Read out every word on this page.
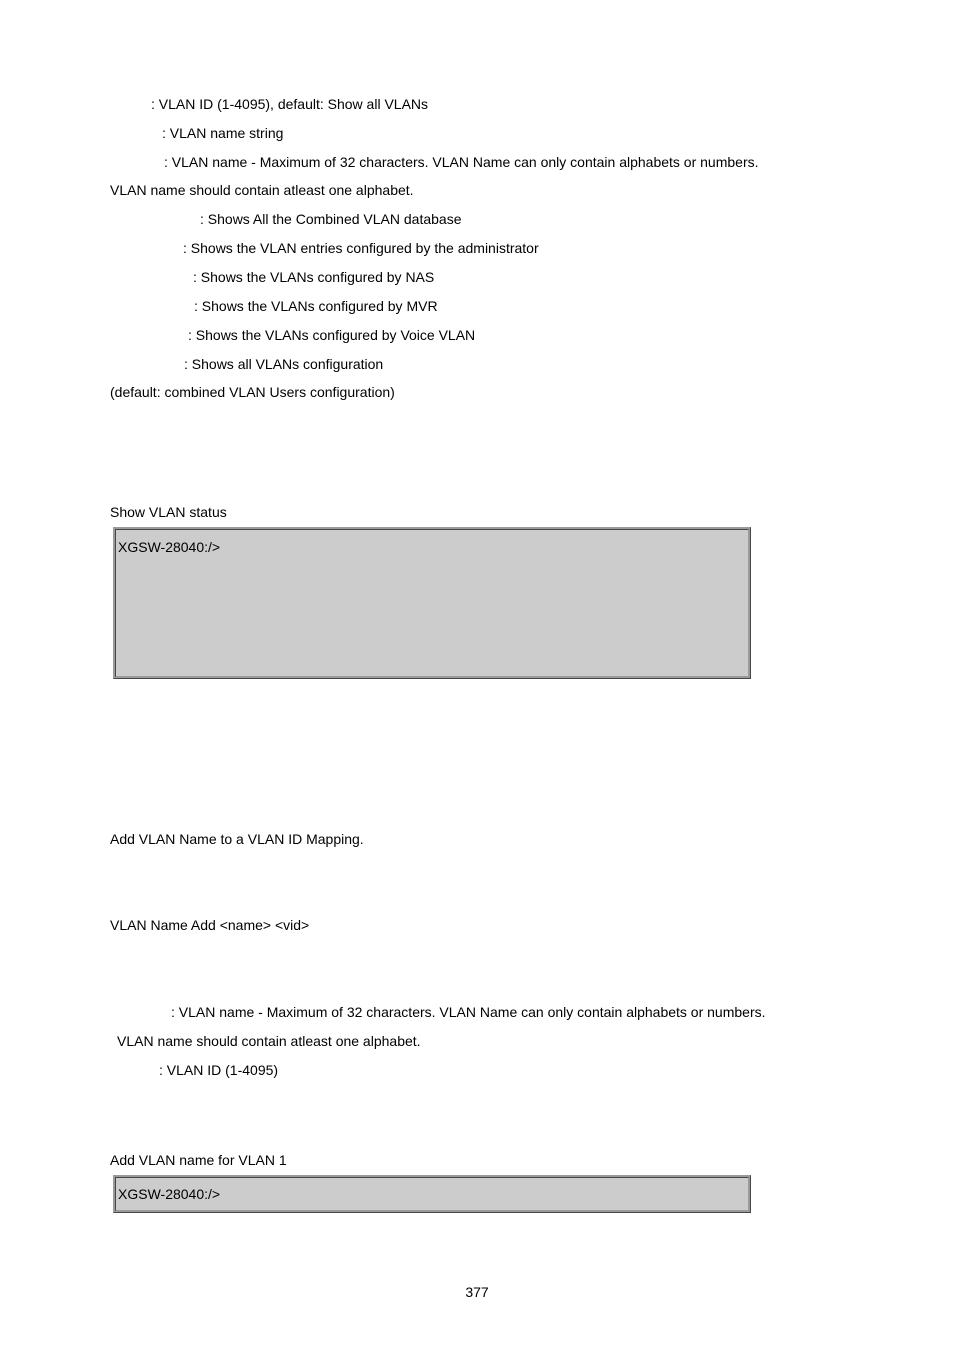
: VLAN ID (1-4095), default: Show all VLANs
: VLAN name string
: VLAN name - Maximum of 32 characters. VLAN Name can only contain alphabets or numbers.
VLAN name should contain atleast one alphabet.
: Shows All the Combined VLAN database
: Shows the VLAN entries configured by the administrator
: Shows the VLANs configured by NAS
: Shows the VLANs configured by MVR
: Shows the VLANs configured by Voice VLAN
: Shows all VLANs configuration
(default: combined VLAN Users configuration)
Show VLAN status
XGSW-28040:/>
Add VLAN Name to a VLAN ID Mapping.
VLAN Name Add <name> <vid>
: VLAN name - Maximum of 32 characters. VLAN Name can only contain alphabets or numbers.
VLAN name should contain atleast one alphabet.
: VLAN ID (1-4095)
Add VLAN name for VLAN 1
XGSW-28040:/>
377
